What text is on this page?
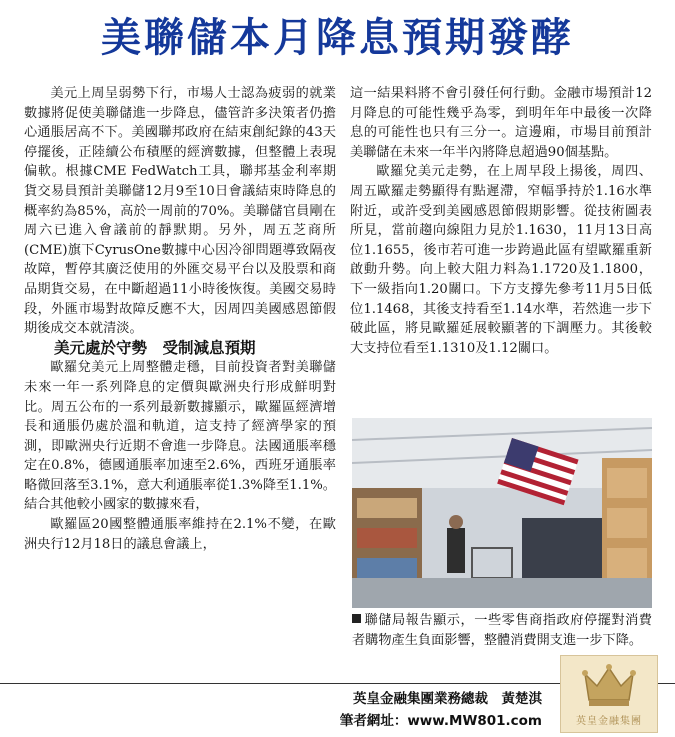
美聯儲本月降息預期發酵

美元上周呈弱勢下行，市場人士認為疲弱的就業數據將促使美聯儲進一步降息，儘管許多決策者仍擔心通脹居高不下。美國聯邦政府在結束創紀錄的43天停擺後，正陸續公布積壓的經濟數據，但整體上表現偏軟。根據CME FedWatch工具，聯邦基金利率期貨交易員預計美聯儲12月9至10日會議結束時降息的概率約為85%，高於一周前的70%。美聯儲官員剛在周六已進入會議前的靜默期。另外，周五芝商所(CME)旗下CyrusOne數據中心因冷卻問題導致隔夜故障，暫停其廣泛使用的外匯交易平台以及股票和商品期貨交易，在中斷超過11小時後恢復。美國交易時段，外匯市場對故障反應不大，因周四美國感恩節假期後成交本就清淡。

美元處於守勢　受制減息預期

歐羅兌美元上周整體走穩，目前投資者對美聯儲未來一年一系列降息的定價與歐洲央行形成鮮明對比。周五公布的一系列最新數據顯示，歐羅區經濟增長和通脹仍處於溫和軌道，這支持了經濟學家的預測，即歐洲央行近期不會進一步降息。法國通脹率穩定在0.8%，德國通脹率加速至2.6%，西班牙通脹率略微回落至3.1%，意大利通脹率從1.3%降至1.1%。結合其他較小國家的數據來看，

歐羅區20國整體通脹率維持在2.1%不變，在歐洲央行12月18日的議息會議上，

這一結果料將不會引發任何行動。金融市場預計12月降息的可能性幾乎為零，到明年年中最後一次降息的可能性也只有三分一。這邊廂，市場目前預計美聯儲在未來一年半內將降息超過90個基點。

歐羅兌美元走勢，在上周早段上揚後，周四、周五歐羅走勢顯得有點遲滯，窄幅爭持於1.16水準附近，或許受到美國感恩節假期影響。從技術圖表所見，當前趨向線阻力見於1.1630，11月13日高位1.1655，後市若可進一步跨過此區有望歐羅重新啟動升勢。向上較大阻力料為1.1720及1.1800，下一級指向1.20關口。下方支撐先參考11月5日低位1.1468，其後支持看至1.14水準，若然進一步下破此區，將見歐羅延展較顯著的下調壓力。其後較大支持位看至1.1310及1.12關口。

聯儲局報告顯示，一些零售商指政府停擺對消費者購物產生負面影響，整體消費開支進一步下降。
英皇金融集團業務總裁　黃楚淇
筆者網址：www.MW801.com	英皇金融集團
